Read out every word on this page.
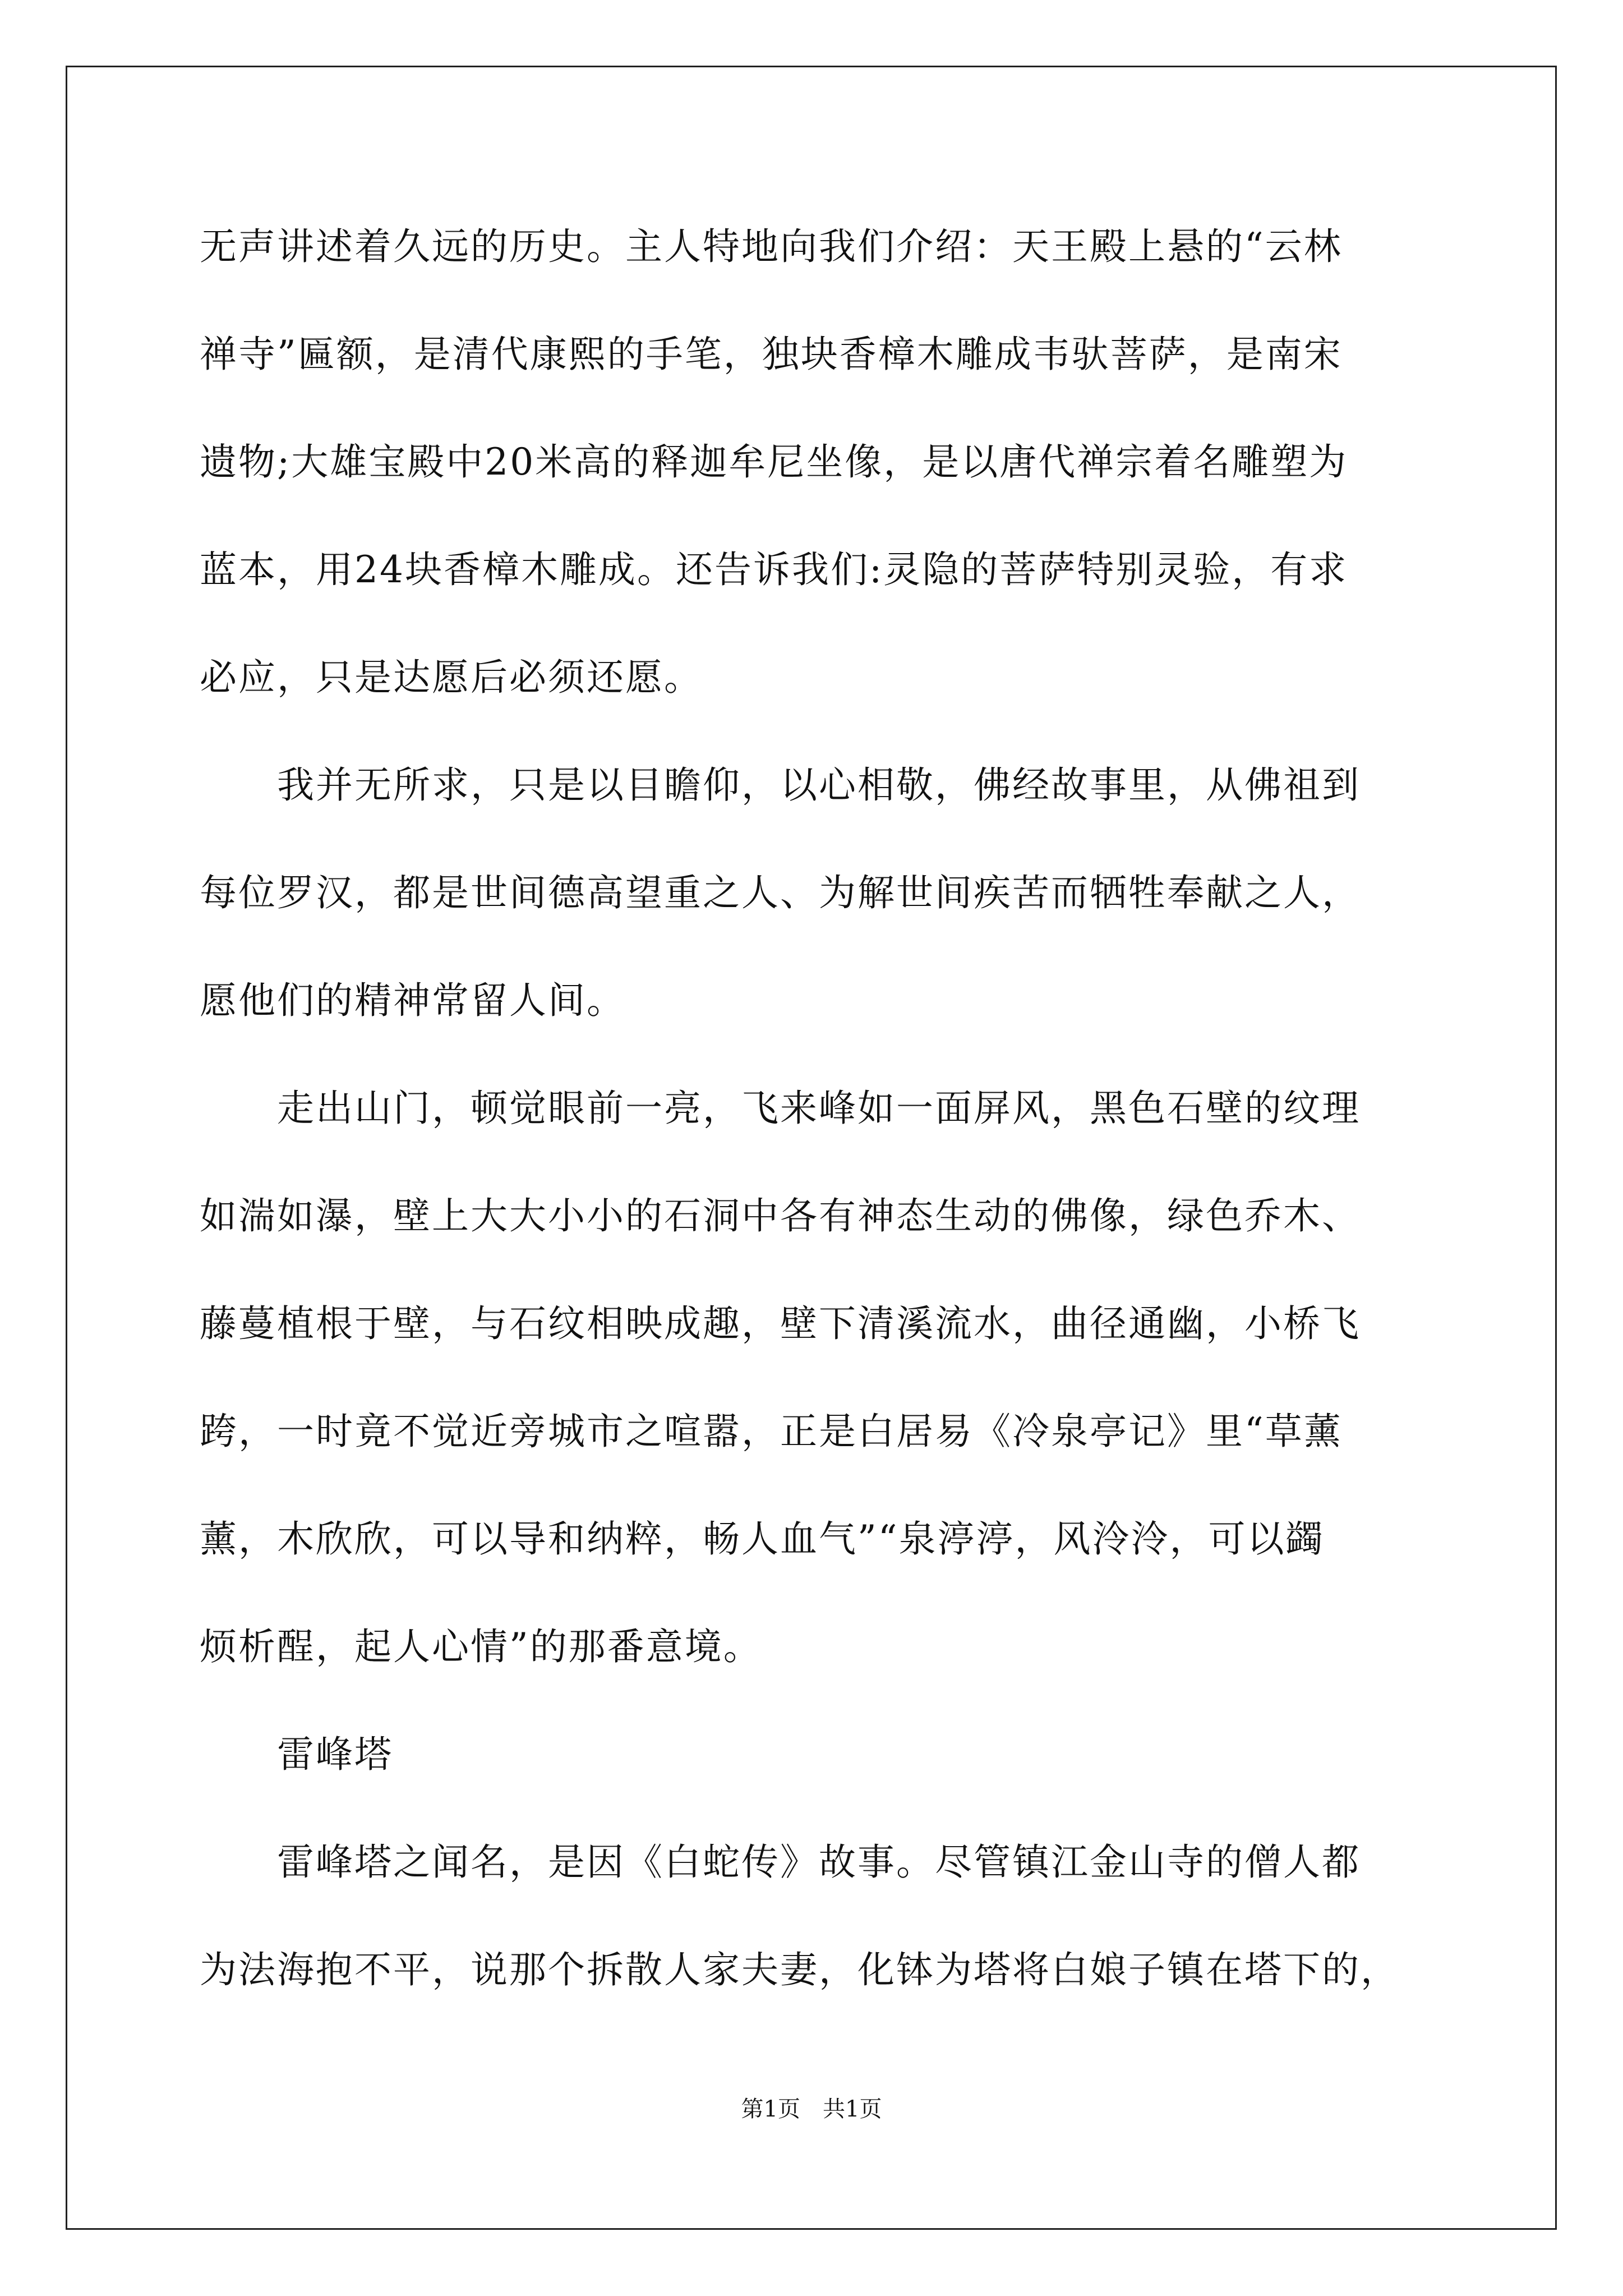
无声讲述着久远的历史。主人特地向我们介绍：天王殿上悬的“云林
禅寺”匾额，是清代康熙的手笔，独块香樟木雕成韦驮菩萨，是南宋
遗物;大雄宝殿中20米高的释迦牟尼坐像，是以唐代禅宗着名雕塑为
蓝本，用24块香樟木雕成。还告诉我们:灵隐的菩萨特别灵验，有求
必应，只是达愿后必须还愿。
　　我并无所求，只是以目瞻仰，以心相敬，佛经故事里，从佛祖到
每位罗汉，都是世间德高望重之人、为解世间疾苦而牺牲奉献之人，
愿他们的精神常留人间。
　　走出山门，顿觉眼前一亮，飞来峰如一面屏风，黑色石壁的纹理
如湍如瀑，壁上大大小小的石洞中各有神态生动的佛像，绿色乔木、
藤蔓植根于壁，与石纹相映成趣，壁下清溪流水，曲径通幽，小桥飞
跨，一时竟不觉近旁城市之喧嚣，正是白居易《冷泉亭记》里“草薰
薰，木欣欣，可以导和纳粹，畅人血气”“泉渟渟，风泠泠，可以蠲
烦析酲，起人心情”的那番意境。
　　雷峰塔
　　雷峰塔之闻名，是因《白蛇传》故事。尽管镇江金山寺的僧人都
为法海抱不平，说那个拆散人家夫妻，化钵为塔将白娘子镇在塔下的，
第1页　共1页
